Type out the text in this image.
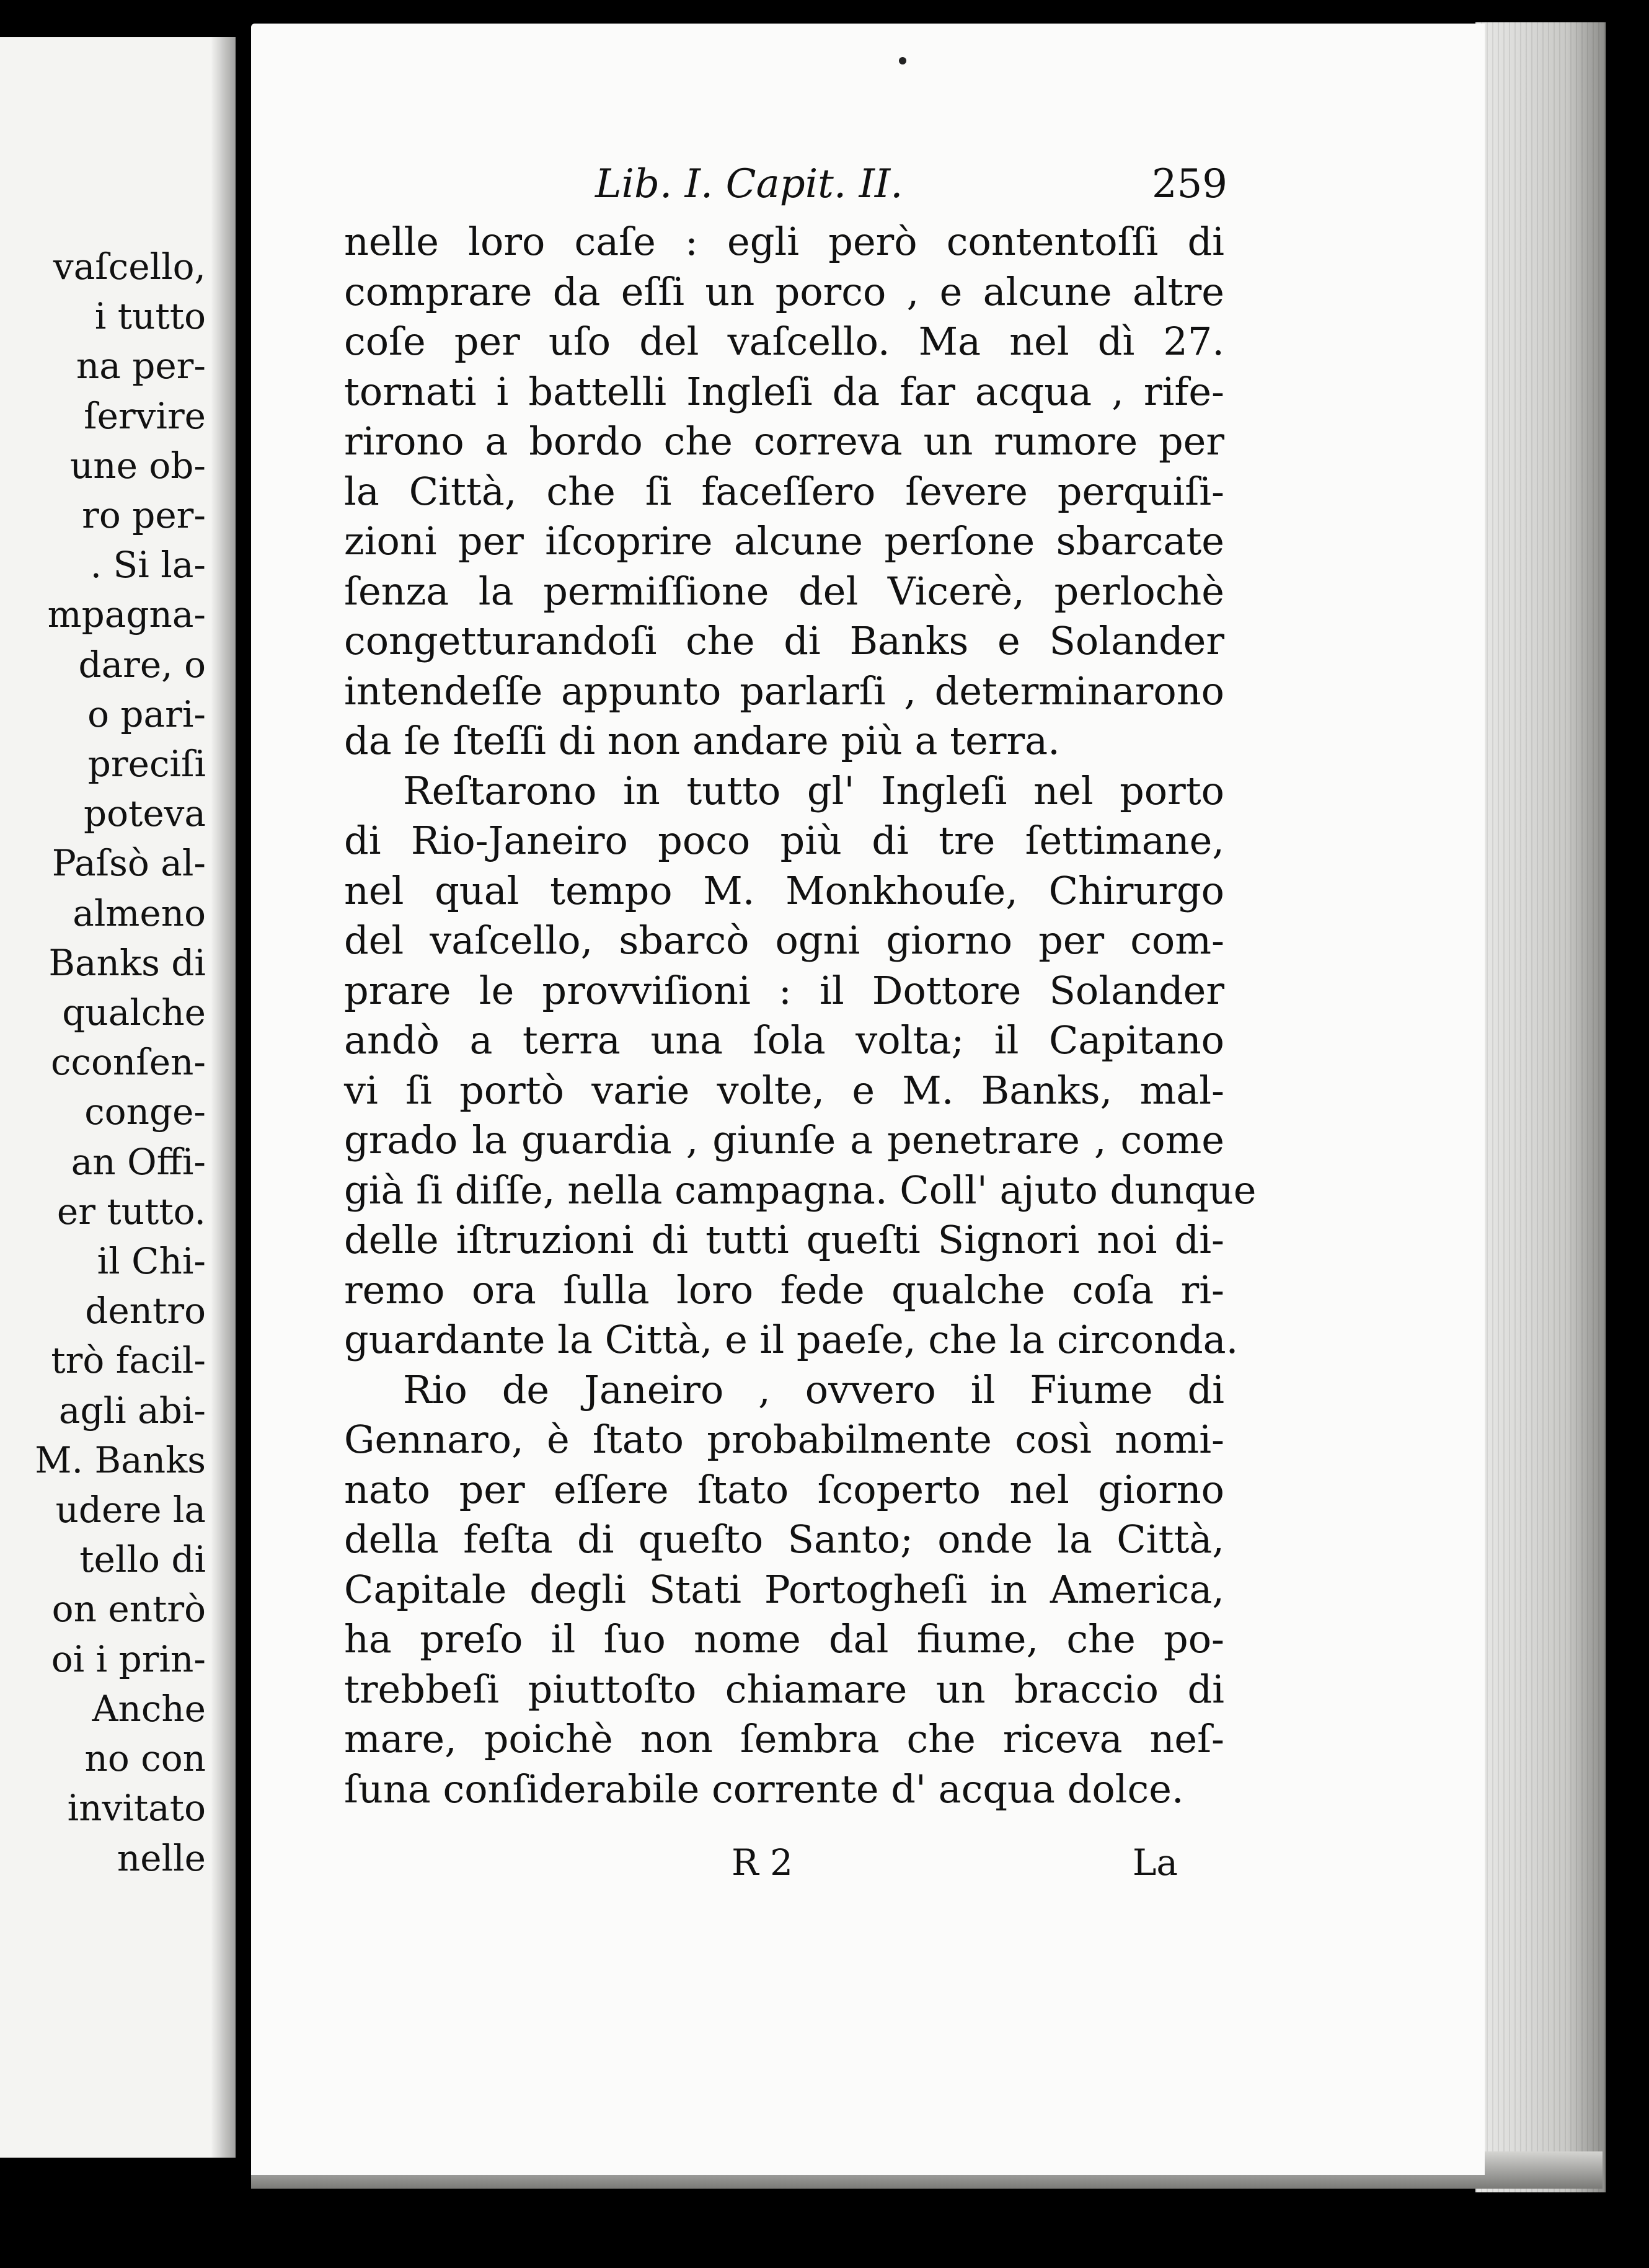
vaſcello,
i tutto
na per-
ſervire
une ob-
ro per-
. Si la-
mpagna-
dare, o
o pari-
preciſi
poteva
Paſsò al-
almeno
Banks di
qualche
cconſen-
conge-
an Offi-
er tutto.
il Chi-
dentro
trò facil-
agli abi-
M. Banks
udere la
tello di
on entrò
oi i prin-
Anche
no con
invitato
nelle
Lib. I. Capit. II.	259
nelle loro caſe : egli però contentoſſi di
comprare da eſſi un porco , e alcune altre
coſe per uſo del vaſcello. Ma nel dì 27.
tornati i battelli Ingleſi da far acqua , rife-
rirono a bordo che correva un rumore per
la Città, che ſi faceſſero ſevere perquiſi-
zioni per iſcoprire alcune perſone sbarcate
ſenza la permiſſione del Vicerè, perlochè
congetturandoſi che di Banks e Solander
intendeſſe appunto parlarſi , determinarono
da ſe ſteſſi di non andare più a terra.
Reſtarono in tutto gl' Ingleſi nel porto
di Rio-Janeiro poco più di tre ſettimane,
nel qual tempo M. Monkhouſe, Chirurgo
del vaſcello, sbarcò ogni giorno per com-
prare le provviſioni : il Dottore Solander
andò a terra una ſola volta; il Capitano
vi ſi portò varie volte, e M. Banks, mal-
grado la guardia , giunſe a penetrare , come
già ſi diſſe, nella campagna. Coll' ajuto dunque
delle iſtruzioni di tutti queſti Signori noi di-
remo ora ſulla loro fede qualche coſa ri-
guardante la Città, e il paeſe, che la circonda.
Rio de Janeiro , ovvero il Fiume di
Gennaro, è ſtato probabilmente così nomi-
nato per eſſere ſtato ſcoperto nel giorno
della feſta di queſto Santo; onde la Città,
Capitale degli Stati Portogheſi in America,
ha preſo il ſuo nome dal fiume, che po-
trebbeſi piuttoſto chiamare un braccio di
mare, poichè non ſembra che riceva neſ-
ſuna conſiderabile corrente d' acqua dolce.
R 2	La
